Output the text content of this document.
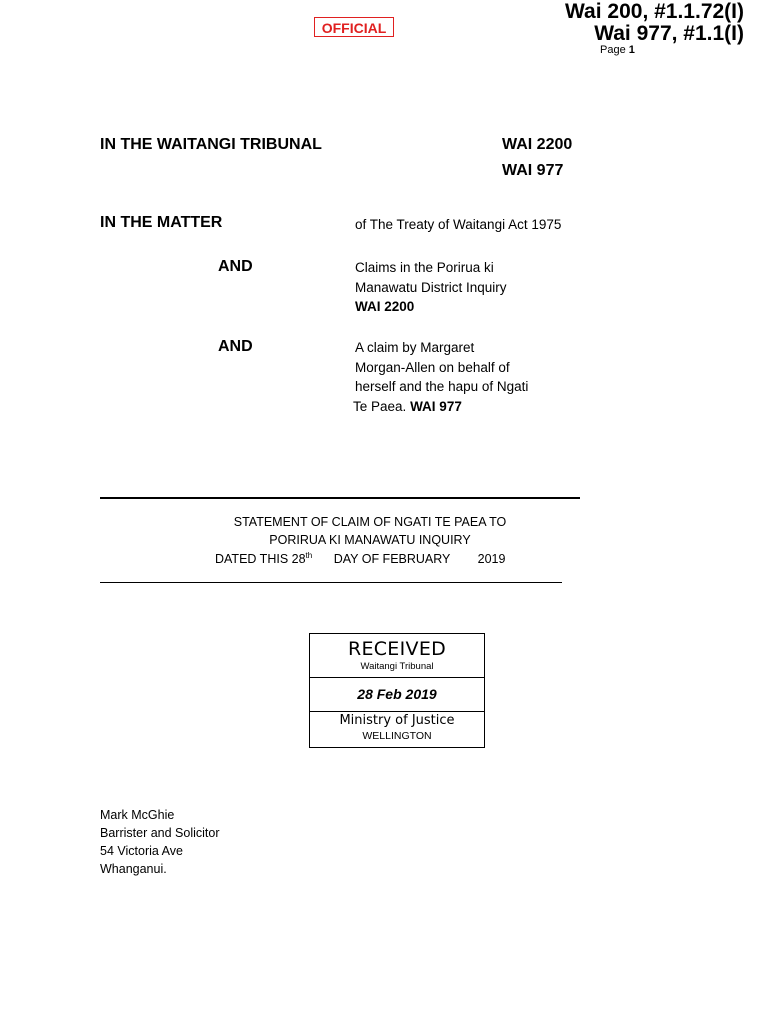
OFFICIAL
Wai 200, #1.1.72(I)
Wai 977, #1.1(I)
Page 1
IN THE WAITANGI TRIBUNAL	WAI 2200
WAI 977
IN THE MATTER	of The Treaty of Waitangi Act 1975
AND	Claims in the Porirua ki
Manawatu District Inquiry
WAI 2200
AND	A claim by Margaret
Morgan-Allen on behalf of
herself and the hapu of Ngati
Te Paea. WAI 977
STATEMENT OF CLAIM OF NGATI TE PAEA TO
PORIRUA KI MANAWATU INQUIRY
DATED THIS 28th DAY OF FEBRUARY 2019
RECEIVED
Waitangi Tribunal
28 Feb 2019
Ministry of Justice
WELLINGTON
Mark McGhie
Barrister and Solicitor
54 Victoria Ave
Whanganui.
